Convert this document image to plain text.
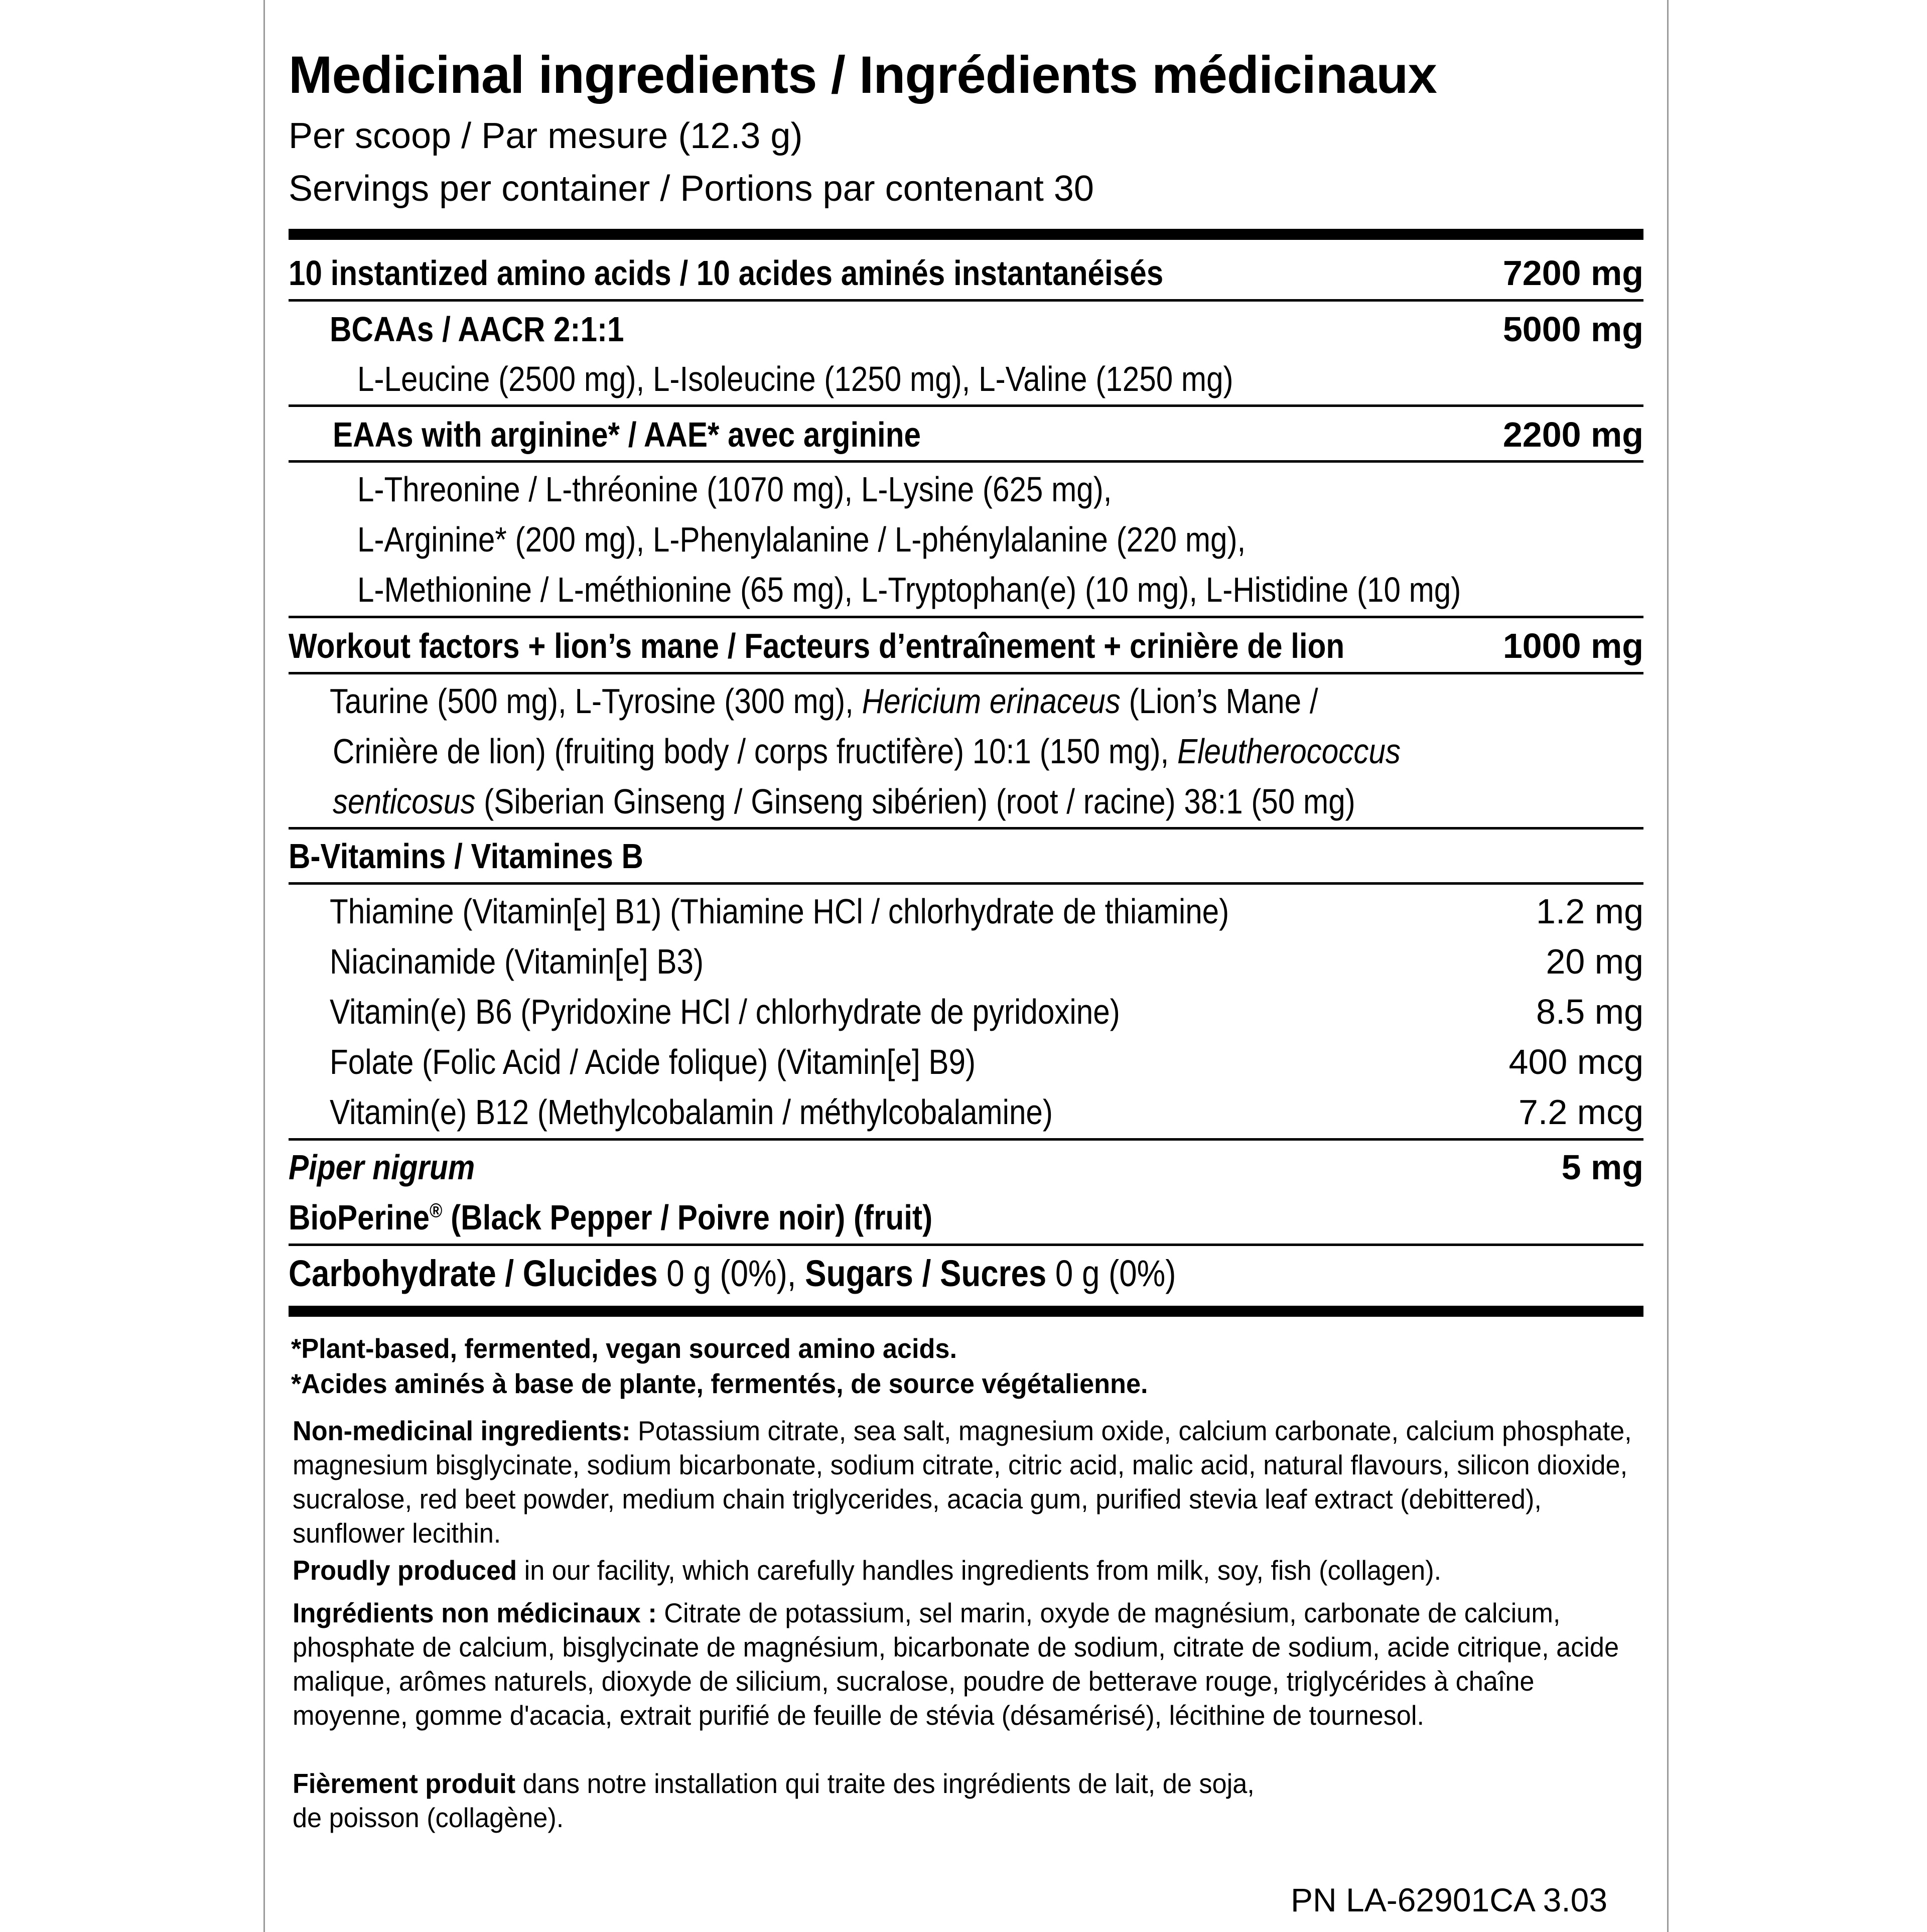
Medicinal ingredients / Ingrédients médicinaux
Per scoop / Par mesure (12.3 g)
Servings per container / Portions par contenant 30
10 instantized amino acids / 10 acides aminés instantanéisés	7200 mg
BCAAs / AACR 2:1:1	5000 mg
L-Leucine (2500 mg), L-Isoleucine (1250 mg), L-Valine (1250 mg)
EAAs with arginine* / AAE* avec arginine	2200 mg
L-Threonine / L-thréonine (1070 mg), L-Lysine (625 mg),
L-Arginine* (200 mg), L-Phenylalanine / L-phénylalanine (220 mg),
L-Methionine / L-méthionine (65 mg), L-Tryptophan(e) (10 mg), L-Histidine (10 mg)
Workout factors + lion’s mane / Facteurs d’entraînement + crinière de lion	1000 mg
Taurine (500 mg), L-Tyrosine (300 mg), Hericium erinaceus (Lion’s Mane /
Crinière de lion) (fruiting body / corps fructifère) 10:1 (150 mg), Eleutherococcus
senticosus (Siberian Ginseng / Ginseng sibérien) (root / racine) 38:1 (50 mg)
B-Vitamins / Vitamines B
Thiamine (Vitamin[e] B1) (Thiamine HCl / chlorhydrate de thiamine)	1.2 mg
Niacinamide (Vitamin[e] B3)	20 mg
Vitamin(e) B6 (Pyridoxine HCl / chlorhydrate de pyridoxine)	8.5 mg
Folate (Folic Acid / Acide folique) (Vitamin[e] B9)	400 mcg
Vitamin(e) B12 (Methylcobalamin / méthylcobalamine)	7.2 mcg
Piper nigrum	5 mg
BioPerine® (Black Pepper / Poivre noir) (fruit)
Carbohydrate / Glucides 0 g (0%), Sugars / Sucres 0 g (0%)
*Plant-based, fermented, vegan sourced amino acids.
*Acides aminés à base de plante, fermentés, de source végétalienne.
Non-medicinal ingredients: Potassium citrate, sea salt, magnesium oxide, calcium carbonate, calcium phosphate, magnesium bisglycinate, sodium bicarbonate, sodium citrate, citric acid, malic acid, natural flavours, silicon dioxide, sucralose, red beet powder, medium chain triglycerides, acacia gum, purified stevia leaf extract (debittered), sunflower lecithin.
Proudly produced in our facility, which carefully handles ingredients from milk, soy, fish (collagen).
Ingrédients non médicinaux : Citrate de potassium, sel marin, oxyde de magnésium, carbonate de calcium, phosphate de calcium, bisglycinate de magnésium, bicarbonate de sodium, citrate de sodium, acide citrique, acide malique, arômes naturels, dioxyde de silicium, sucralose, poudre de betterave rouge, triglycérides à chaîne moyenne, gomme d'acacia, extrait purifié de feuille de stévia (désamérisé), lécithine de tournesol.
Fièrement produit dans notre installation qui traite des ingrédients de lait, de soja,
de poisson (collagène).
PN LA-62901CA 3.03
